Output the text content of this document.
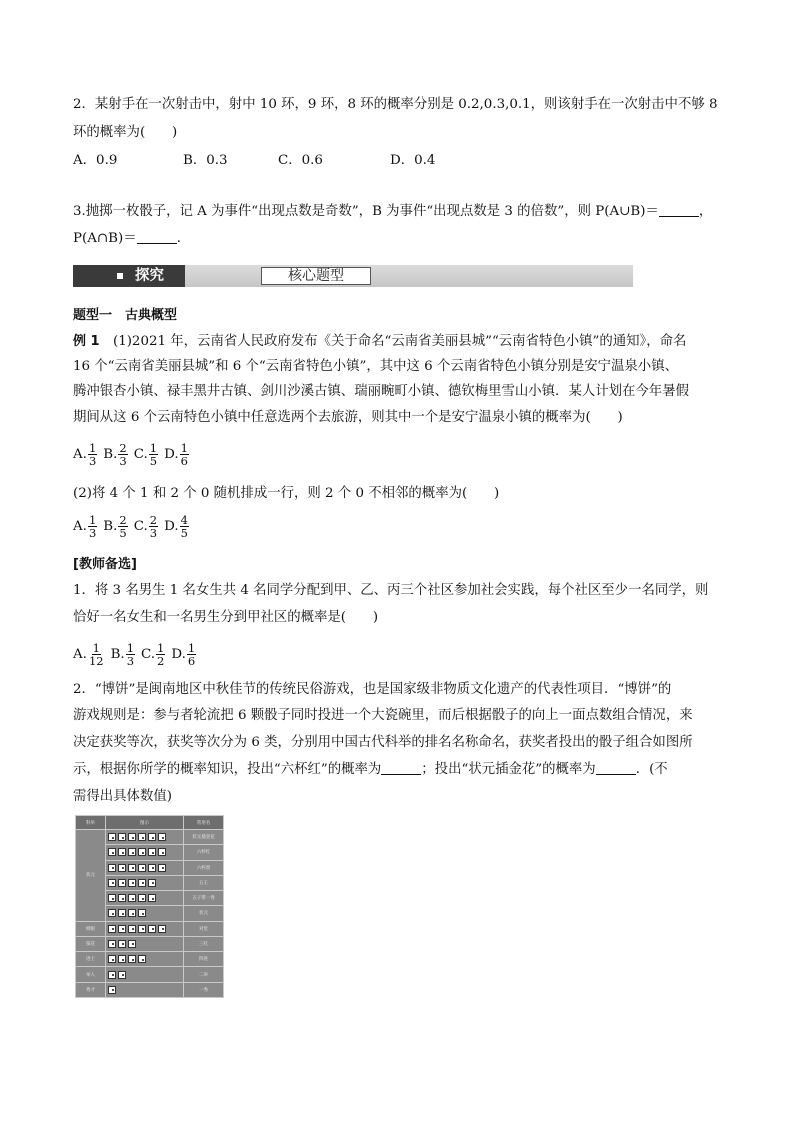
2．某射手在一次射击中，射中 10 环，9 环，8 环的概率分别是 0.2,0.3,0.1，则该射手在一次射击中不够 8
环的概率为(　　)
A．0.9	B．0.3	C．0.6	D．0.4
3.抛掷一枚骰子，记 A 为事件“出现点数是奇数”，B 为事件“出现点数是 3 的倍数”，则 P(A∪B)＝	，
P(A∩B)＝	.
探究	核心题型
题型一　古典概型
例 1　(1)2021 年，云南省人民政府发布《关于命名“云南省美丽县城”“云南省特色小镇”的通知》，命名
16 个“云南省美丽县城”和 6 个“云南省特色小镇”，其中这 6 个云南省特色小镇分别是安宁温泉小镇、
腾冲银杏小镇、禄丰黑井古镇、剑川沙溪古镇、瑞丽畹町小镇、德钦梅里雪山小镇．某人计划在今年暑假
期间从这 6 个云南特色小镇中任意选两个去旅游，则其中一个是安宁温泉小镇的概率为(　　)
A. $\frac{1}{3} B$. $\frac{2}{3} C$. $\frac{1}{5} D$. $\frac{1}{6}$
(2)将 4 个 1 和 2 个 0 随机排成一行，则 2 个 0 不相邻的概率为(　　)
A. $\frac{1}{3} B$. $\frac{2}{5} C$. $\frac{2}{3} D$. $\frac{4}{5}$
[教师备选]
1．将 3 名男生 1 名女生共 4 名同学分配到甲、乙、丙三个社区参加社会实践，每个社区至少一名同学，则
恰好一名女生和一名男生分到甲社区的概率是(　　)
A. $\frac{1}{12} B$. $\frac{1}{3} C$. $\frac{1}{2} D$. $\frac{1}{6}$
2．“博饼”是闽南地区中秋佳节的传统民俗游戏，也是国家级非物质文化遗产的代表性项目．“博饼”的
游戏规则是：参与者轮流把 6 颗骰子同时投进一个大瓷碗里，而后根据骰子的向上一面点数组合情况，来
决定获奖等次，获奖等次分为 6 类，分别用中国古代科举的排名名称命名，获奖者投出的骰子组合如图所
示，根据你所学的概率知识，投出“六杯红”的概率为	；投出“状元插金花”的概率为	．(不
需得出具体数值)
科举	图示	常用名
状元		状元插金花
		六杯红
		六杯黑
		五王
		五子带一秀
		状元
榜眼		对堂
探花		三红
进士		四进
举人		二举
秀才		一秀
